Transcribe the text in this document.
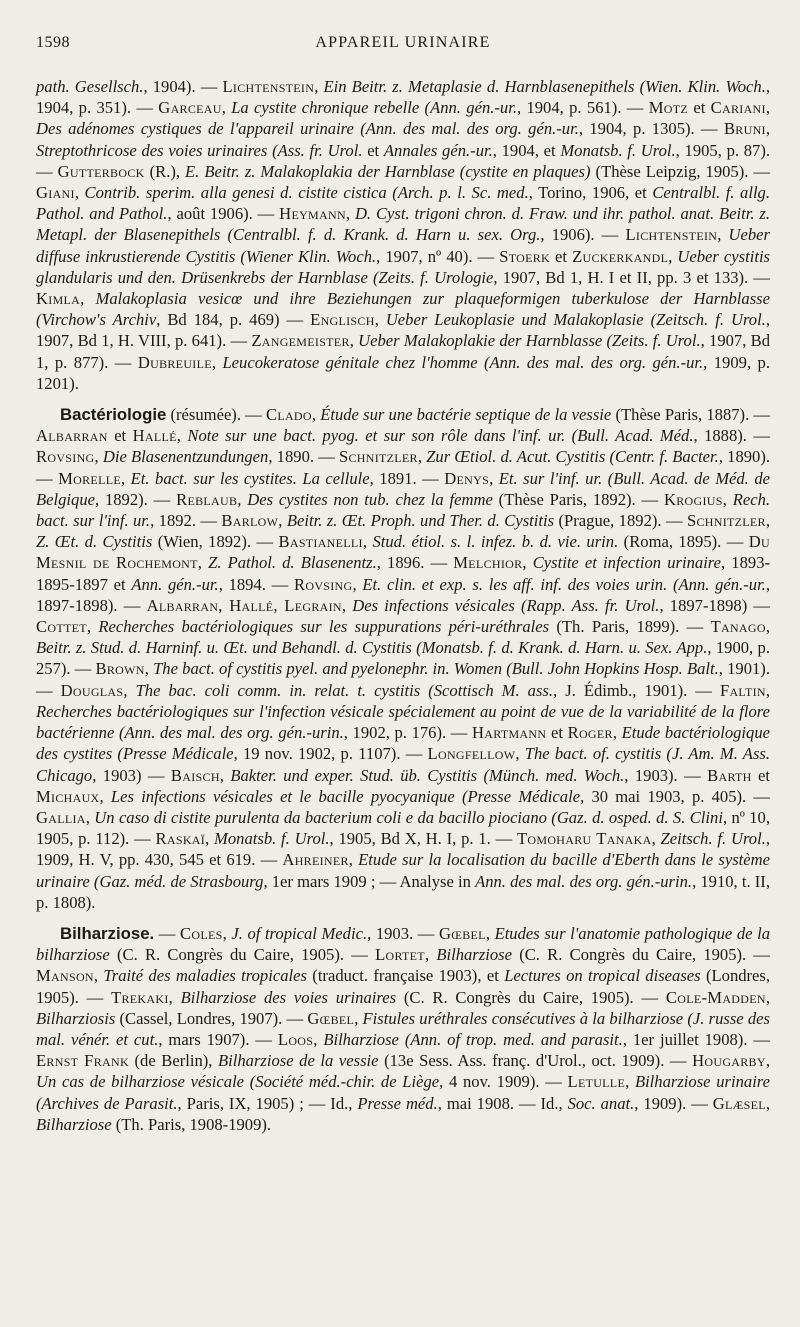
1598	APPAREIL URINAIRE

path. Gesellsch., 1904). — Lichtenstein, Ein Beitr. z. Metaplasie d. Harnblasenepithels (Wien. Klin. Woch., 1904, p. 351). — Garceau, La cystite chronique rebelle (Ann. gén.-ur., 1904, p. 561). — Motz et Cariani, Des adénomes cystiques de l'appareil urinaire (Ann. des mal. des org. gén.-ur., 1904, p. 1305). — Bruni, Streptothricose des voies urinaires (Ass. fr. Urol. et Annales gén.-ur., 1904, et Monatsb. f. Urol., 1905, p. 87). — Gutterbock (R.), E. Beitr. z. Malakoplakia der Harnblase (cystite en plaques) (Thèse Leipzig, 1905). — Giani, Contrib. sperim. alla genesi d. cistite cistica (Arch. p. l. Sc. med., Torino, 1906, et Centralbl. f. allg. Pathol. and Pathol., août 1906). — Heymann, D. Cyst. trigoni chron. d. Fraw. und ihr. pathol. anat. Beitr. z. Metapl. der Blasenepithels (Centralbl. f. d. Krank. d. Harn u. sex. Org., 1906). — Lichtenstein, Ueber diffuse inkrustierende Cystitis (Wiener Klin. Woch., 1907, nº 40). — Stoerk et Zuckerkandl, Ueber cystitis glandularis und den. Drüsenkrebs der Harnblase (Zeits. f. Urologie, 1907, Bd 1, H. I et II, pp. 3 et 133). — Kimla, Malakoplasia vesicœ und ihre Beziehungen zur plaqueformigen tuberkulose der Harnblasse (Virchow's Archiv, Bd 184, p. 469) — Englisch, Ueber Leukoplasie und Malakoplasie (Zeitsch. f. Urol., 1907, Bd 1, H. VIII, p. 641). — Zangemeister, Ueber Malakoplakie der Harnblasse (Zeits. f. Urol., 1907, Bd 1, p. 877). — Dubreuile, Leucokeratose génitale chez l'homme (Ann. des mal. des org. gén.-ur., 1909, p. 1201).

Bactériologie (résumée). — Clado, Étude sur une bactérie septique de la vessie (Thèse Paris, 1887). — Albarran et Hallé, Note sur une bact. pyog. et sur son rôle dans l'inf. ur. (Bull. Acad. Méd., 1888). — Rovsing, Die Blasenentzundungen, 1890. — Schnitzler, Zur Œtiol. d. Acut. Cystitis (Centr. f. Bacter., 1890). — Morelle, Et. bact. sur les cystites. La cellule, 1891. — Denys, Et. sur l'inf. ur. (Bull. Acad. de Méd. de Belgique, 1892). — Reblaub, Des cystites non tub. chez la femme (Thèse Paris, 1892). — Krogius, Rech. bact. sur l'inf. ur., 1892. — Barlow, Beitr. z. Œt. Proph. und Ther. d. Cystitis (Prague, 1892). — Schnitzler, Z. Œt. d. Cystitis (Wien, 1892). — Bastianelli, Stud. étiol. s. l. infez. b. d. vie. urin. (Roma, 1895). — Du Mesnil de Rochemont, Z. Pathol. d. Blasenentz., 1896. — Melchior, Cystite et infection urinaire, 1893-1895-1897 et Ann. gén.-ur., 1894. — Rovsing, Et. clin. et exp. s. les aff. inf. des voies urin. (Ann. gén.-ur., 1897-1898). — Albarran, Hallé, Legrain, Des infections vésicales (Rapp. Ass. fr. Urol., 1897-1898) — Cottet, Recherches bactériologiques sur les suppurations péri-uréthrales (Th. Paris, 1899). — Tanago, Beitr. z. Stud. d. Harninf. u. Œt. und Behandl. d. Cystitis (Monatsb. f. d. Krank. d. Harn. u. Sex. App., 1900, p. 257). — Brown, The bact. of cystitis pyel. and pyelonephr. in. Women (Bull. John Hopkins Hosp. Balt., 1901). — Douglas, The bac. coli comm. in. relat. t. cystitis (Scottisch M. ass., J. Édimb., 1901). — Faltin, Recherches bactériologiques sur l'infection vésicale spécialement au point de vue de la variabilité de la flore bactérienne (Ann. des mal. des org. gén.-urin., 1902, p. 176). — Hartmann et Roger, Etude bactériologique des cystites (Presse Médicale, 19 nov. 1902, p. 1107). — Longfellow, The bact. of. cystitis (J. Am. M. Ass. Chicago, 1903) — Baisch, Bakter. und exper. Stud. üb. Cystitis (Münch. med. Woch., 1903). — Barth et Michaux, Les infections vésicales et le bacille pyocyanique (Presse Médicale, 30 mai 1903, p. 405). — Gallia, Un caso di cistite purulenta da bacterium coli e da bacillo pіociano (Gaz. d. osped. d. S. Clini, nº 10, 1905, p. 112). — Raskaï, Monatsb. f. Urol., 1905, Bd X, H. I, p. 1. — Tomoharu Tanaka, Zeitsch. f. Urol., 1909, H. V, pp. 430, 545 et 619. — Ahreiner, Etude sur la localisation du bacille d'Eberth dans le système urinaire (Gaz. méd. de Strasbourg, 1er mars 1909 ; — Analyse in Ann. des mal. des org. gén.-urin., 1910, t. II, p. 1808).

Bilharziose. — Coles, J. of tropical Medic., 1903. — Gœbel, Etudes sur l'anatomie pathologique de la bilharziose (C. R. Congrès du Caire, 1905). — Lortet, Bilharziose (C. R. Congrès du Caire, 1905). — Manson, Traité des maladies tropicales (traduct. française 1903), et Lectures on tropical diseases (Londres, 1905). — Trekaki, Bilharziose des voies urinaires (C. R. Congrès du Caire, 1905). — Cole-Madden, Bilharziosis (Cassel, Londres, 1907). — Gœbel, Fistules uréthrales consécutives à la bilharziose (J. russe des mal. vénér. et cut., mars 1907). — Loos, Bilharziose (Ann. of trop. med. and parasit., 1er juillet 1908). — Ernst Frank (de Berlin), Bilharziose de la vessie (13e Sess. Ass. franç. d'Urol., oct. 1909). — Hougarby, Un cas de bilharziose vésicale (Société méd.-chir. de Liège, 4 nov. 1909). — Letulle, Bilharziose urinaire (Archives de Parasit., Paris, IX, 1905) ; — Id., Presse méd., mai 1908. — Id., Soc. anat., 1909). — Glæsel, Bilharziose (Th. Paris, 1908-1909).
